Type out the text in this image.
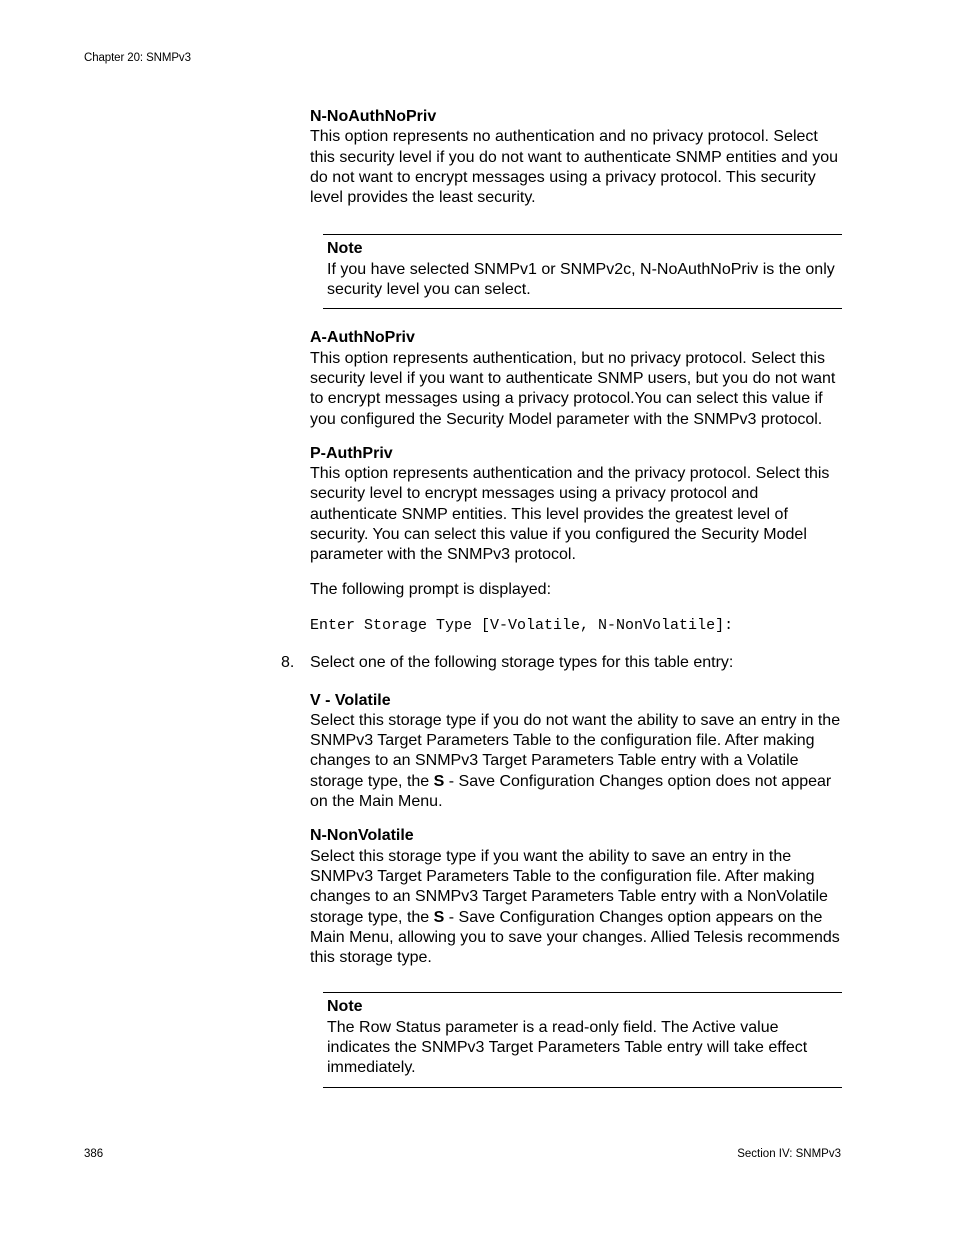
Chapter 20: SNMPv3

N-NoAuthNoPriv

This option represents no authentication and no privacy protocol. Select this security level if you do not want to authenticate SNMP entities and you do not want to encrypt messages using a privacy protocol. This security level provides the least security.

Note
If you have selected SNMPv1 or SNMPv2c, N-NoAuthNoPriv is the only security level you can select.

A-AuthNoPriv

This option represents authentication, but no privacy protocol. Select this security level if you want to authenticate SNMP users, but you do not want to encrypt messages using a privacy protocol.You can select this value if you configured the Security Model parameter with the SNMPv3 protocol.

P-AuthPriv

This option represents authentication and the privacy protocol. Select this security level to encrypt messages using a privacy protocol and authenticate SNMP entities. This level provides the greatest level of security. You can select this value if you configured the Security Model parameter with the SNMPv3 protocol.

The following prompt is displayed:

Enter Storage Type [V-Volatile, N-NonVolatile]:

8. Select one of the following storage types for this table entry:

V - Volatile

Select this storage type if you do not want the ability to save an entry in the SNMPv3 Target Parameters Table to the configuration file. After making changes to an SNMPv3 Target Parameters Table entry with a Volatile storage type, the S - Save Configuration Changes option does not appear on the Main Menu.

N-NonVolatile

Select this storage type if you want the ability to save an entry in the SNMPv3 Target Parameters Table to the configuration file. After making changes to an SNMPv3 Target Parameters Table entry with a NonVolatile storage type, the S - Save Configuration Changes option appears on the Main Menu, allowing you to save your changes. Allied Telesis recommends this storage type.

Note
The Row Status parameter is a read-only field. The Active value indicates the SNMPv3 Target Parameters Table entry will take effect immediately.
386	Section IV: SNMPv3
